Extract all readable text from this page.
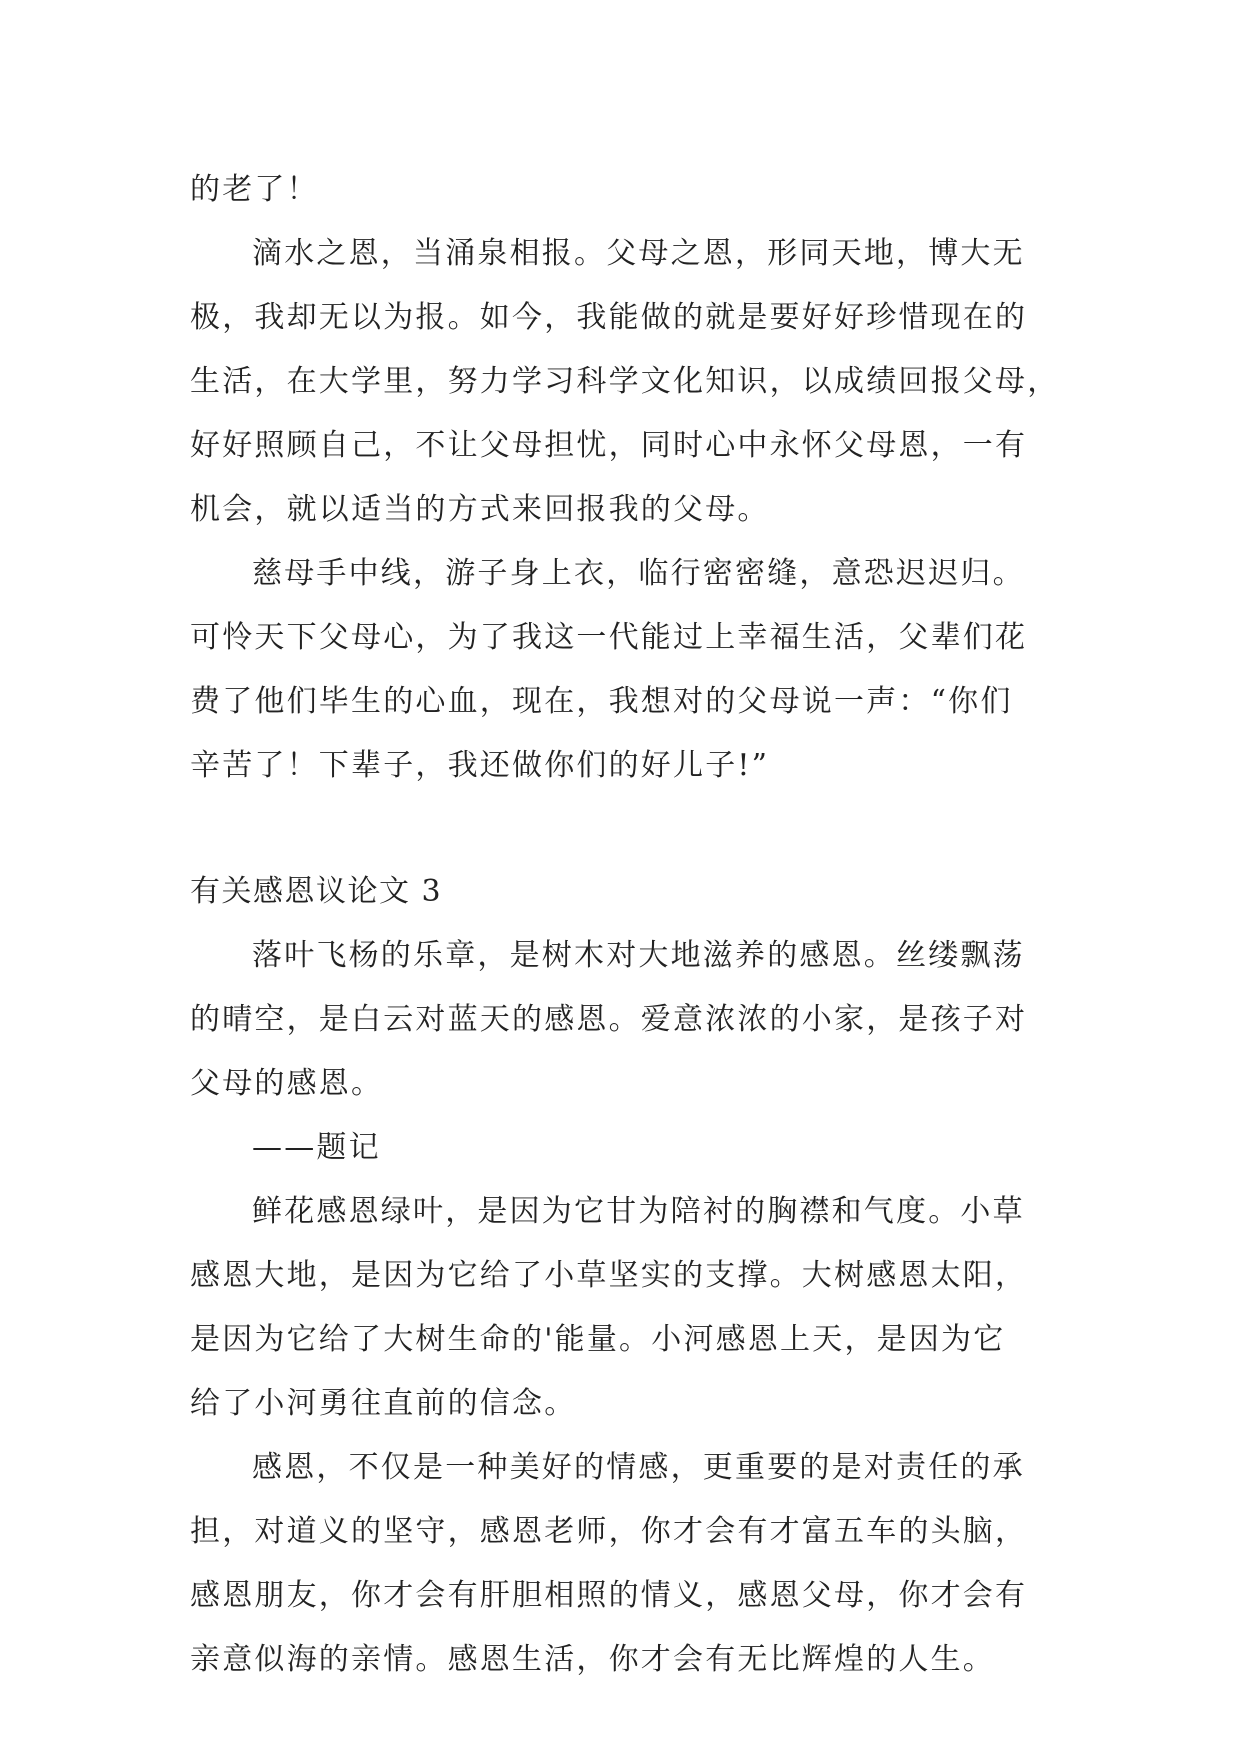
的老了！
滴水之恩，当涌泉相报。父母之恩，形同天地，博大无
极，我却无以为报。如今，我能做的就是要好好珍惜现在的
生活，在大学里，努力学习科学文化知识，以成绩回报父母，
好好照顾自己，不让父母担忧，同时心中永怀父母恩，一有
机会，就以适当的方式来回报我的父母。
慈母手中线，游子身上衣，临行密密缝，意恐迟迟归。
可怜天下父母心，为了我这一代能过上幸福生活，父辈们花
费了他们毕生的心血，现在，我想对的父母说一声：“你们
辛苦了！下辈子，我还做你们的好儿子!”
有关感恩议论文 3
落叶飞杨的乐章，是树木对大地滋养的感恩。丝缕飘荡
的晴空，是白云对蓝天的感恩。爱意浓浓的小家，是孩子对
父母的感恩。
——题记
鲜花感恩绿叶，是因为它甘为陪衬的胸襟和气度。小草
感恩大地，是因为它给了小草坚实的支撑。大树感恩太阳，
是因为它给了大树生命的'能量。小河感恩上天，是因为它
给了小河勇往直前的信念。
感恩，不仅是一种美好的情感，更重要的是对责任的承
担，对道义的坚守，感恩老师，你才会有才富五车的头脑，
感恩朋友，你才会有肝胆相照的情义，感恩父母，你才会有
亲意似海的亲情。感恩生活，你才会有无比辉煌的人生。
